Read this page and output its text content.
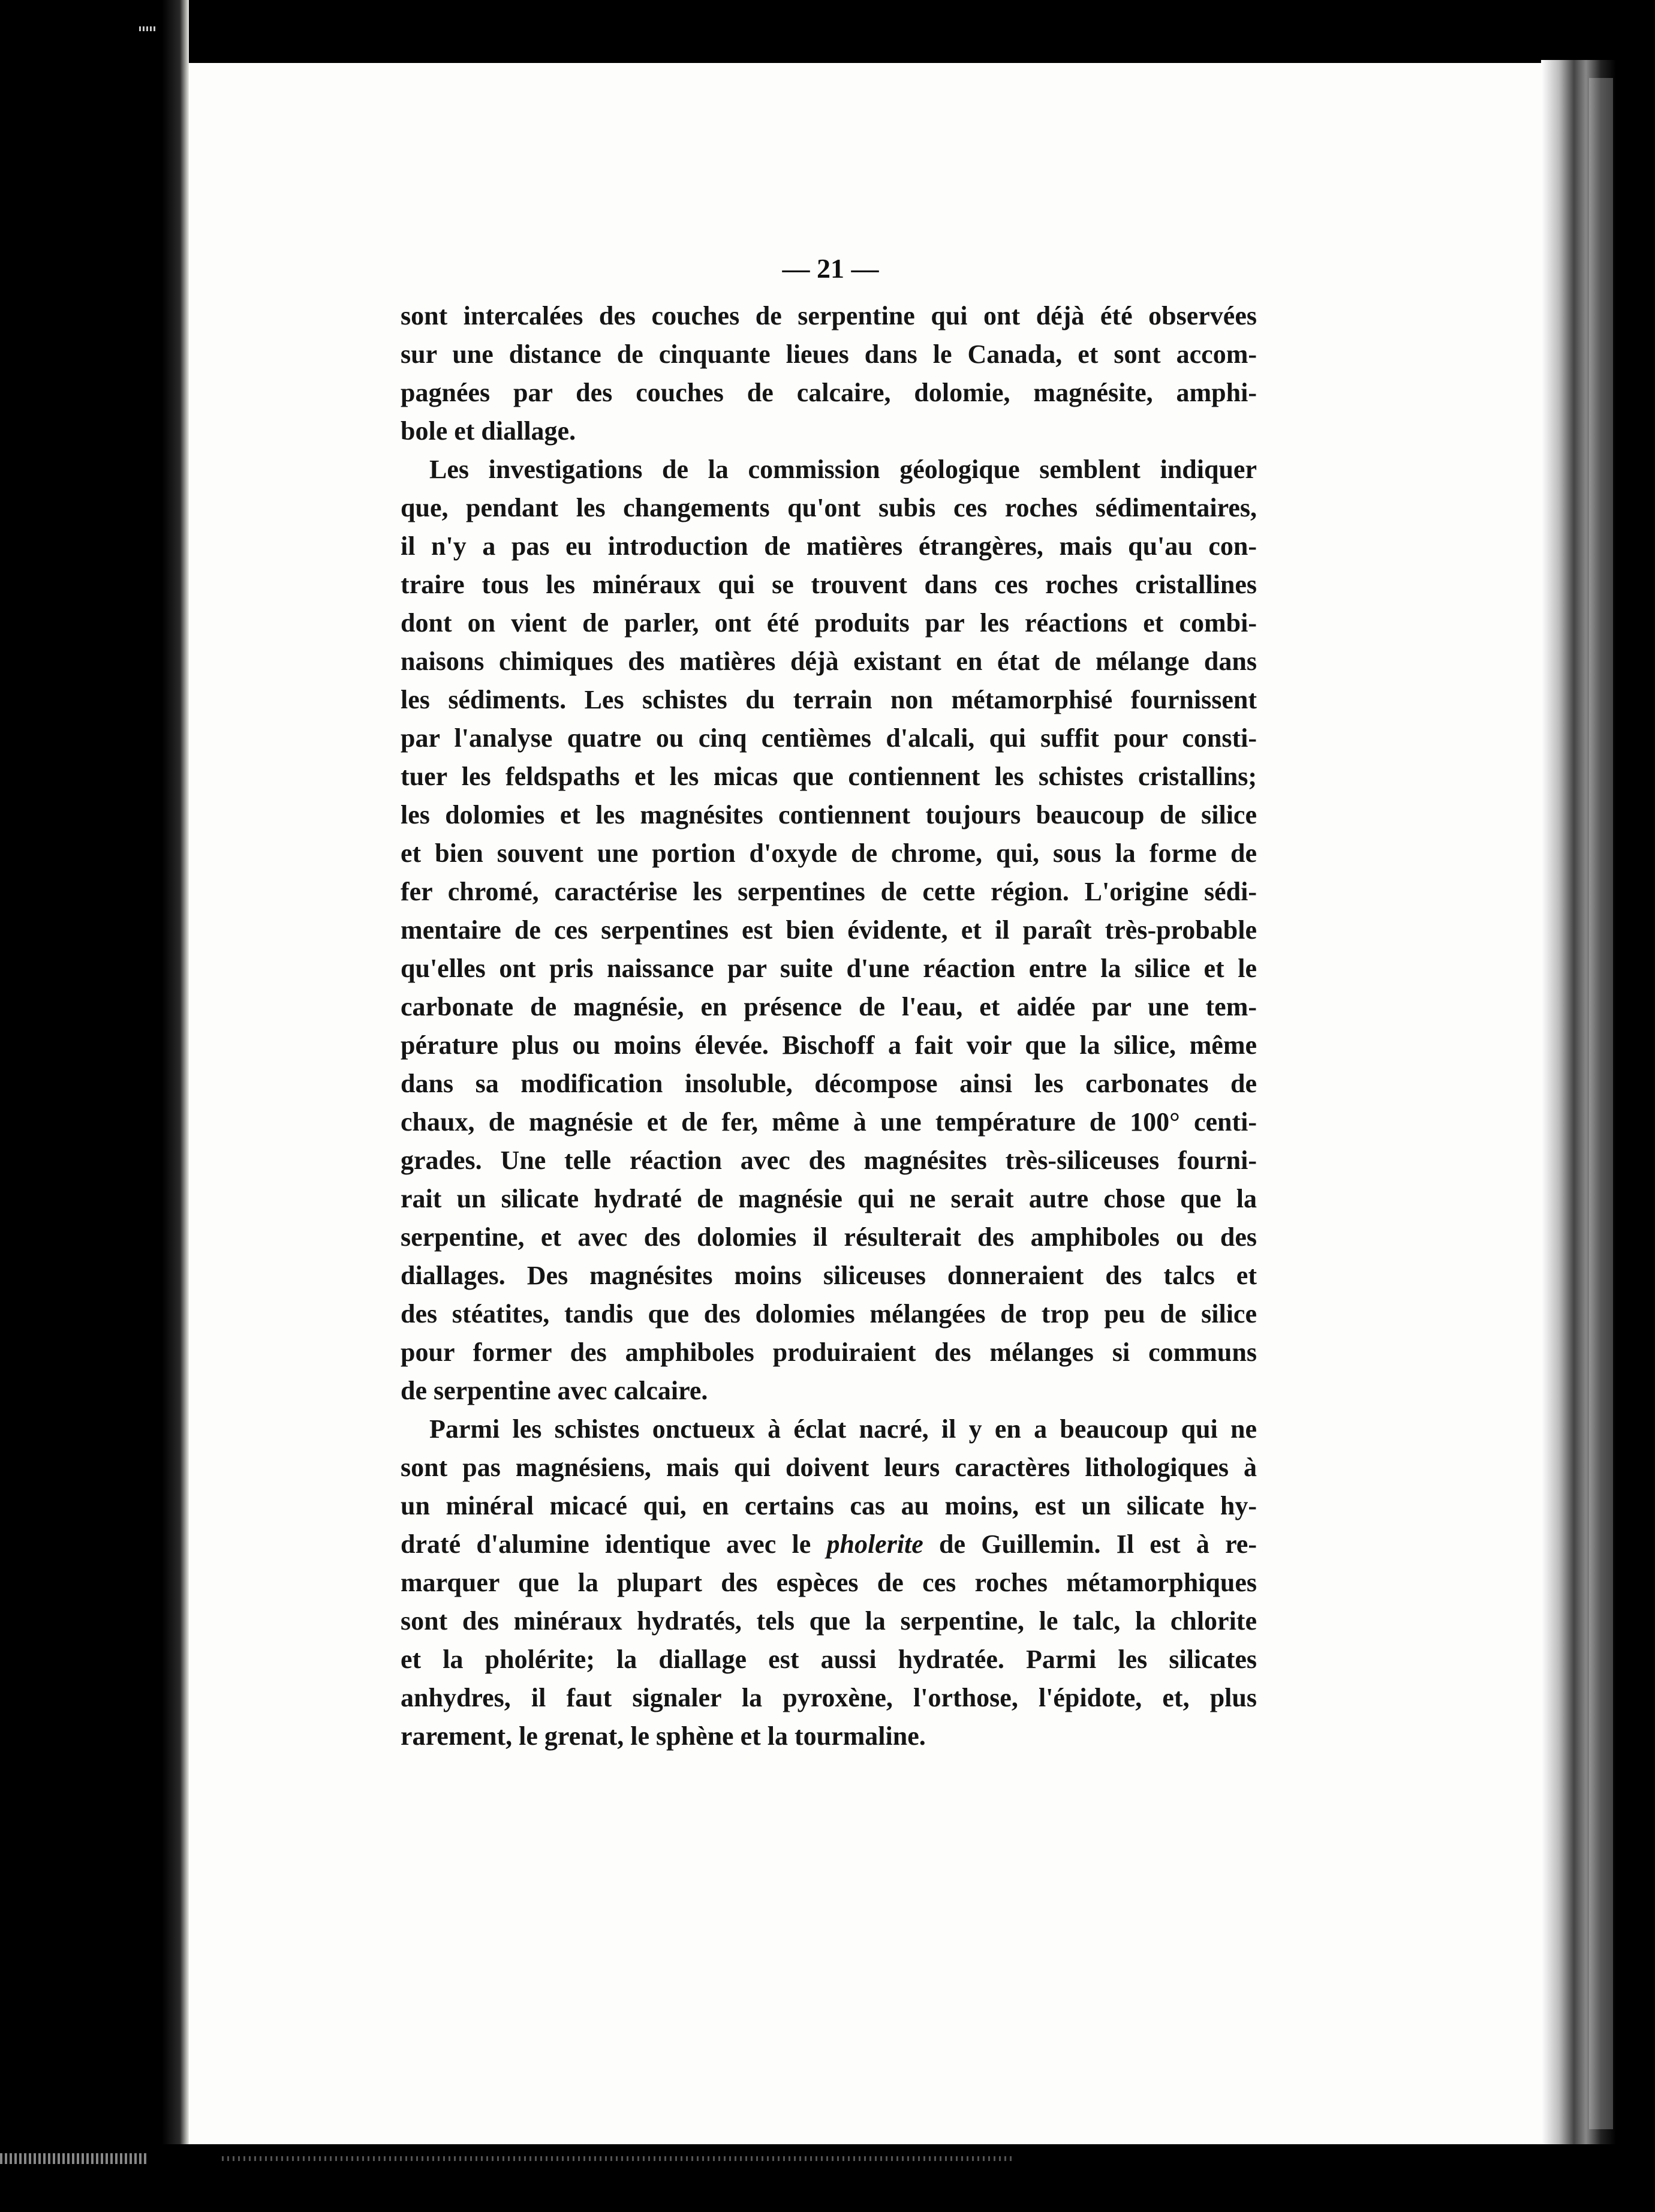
— 21 —
sont intercalées des couches de serpentine qui ont déjà été observées
sur une distance de cinquante lieues dans le Canada, et sont accom-
pagnées par des couches de calcaire, dolomie, magnésite, amphi-
bole et diallage.
Les investigations de la commission géologique semblent indiquer
que, pendant les changements qu'ont subis ces roches sédimentaires,
il n'y a pas eu introduction de matières étrangères, mais qu'au con-
traire tous les minéraux qui se trouvent dans ces roches cristallines
dont on vient de parler, ont été produits par les réactions et combi-
naisons chimiques des matières déjà existant en état de mélange dans
les sédiments. Les schistes du terrain non métamorphisé fournissent
par l'analyse quatre ou cinq centièmes d'alcali, qui suffit pour consti-
tuer les feldspaths et les micas que contiennent les schistes cristallins;
les dolomies et les magnésites contiennent toujours beaucoup de silice
et bien souvent une portion d'oxyde de chrome, qui, sous la forme de
fer chromé, caractérise les serpentines de cette région. L'origine sédi-
mentaire de ces serpentines est bien évidente, et il paraît très-probable
qu'elles ont pris naissance par suite d'une réaction entre la silice et le
carbonate de magnésie, en présence de l'eau, et aidée par une tem-
pérature plus ou moins élevée. Bischoff a fait voir que la silice, même
dans sa modification insoluble, décompose ainsi les carbonates de
chaux, de magnésie et de fer, même à une température de 100° centi-
grades. Une telle réaction avec des magnésites très-siliceuses fourni-
rait un silicate hydraté de magnésie qui ne serait autre chose que la
serpentine, et avec des dolomies il résulterait des amphiboles ou des
diallages. Des magnésites moins siliceuses donneraient des talcs et
des stéatites, tandis que des dolomies mélangées de trop peu de silice
pour former des amphiboles produiraient des mélanges si communs
de serpentine avec calcaire.
Parmi les schistes onctueux à éclat nacré, il y en a beaucoup qui ne
sont pas magnésiens, mais qui doivent leurs caractères lithologiques à
un minéral micacé qui, en certains cas au moins, est un silicate hy-
draté d'alumine identique avec le pholerite de Guillemin. Il est à re-
marquer que la plupart des espèces de ces roches métamorphiques
sont des minéraux hydratés, tels que la serpentine, le talc, la chlorite
et la pholérite; la diallage est aussi hydratée. Parmi les silicates
anhydres, il faut signaler la pyroxène, l'orthose, l'épidote, et, plus
rarement, le grenat, le sphène et la tourmaline.
